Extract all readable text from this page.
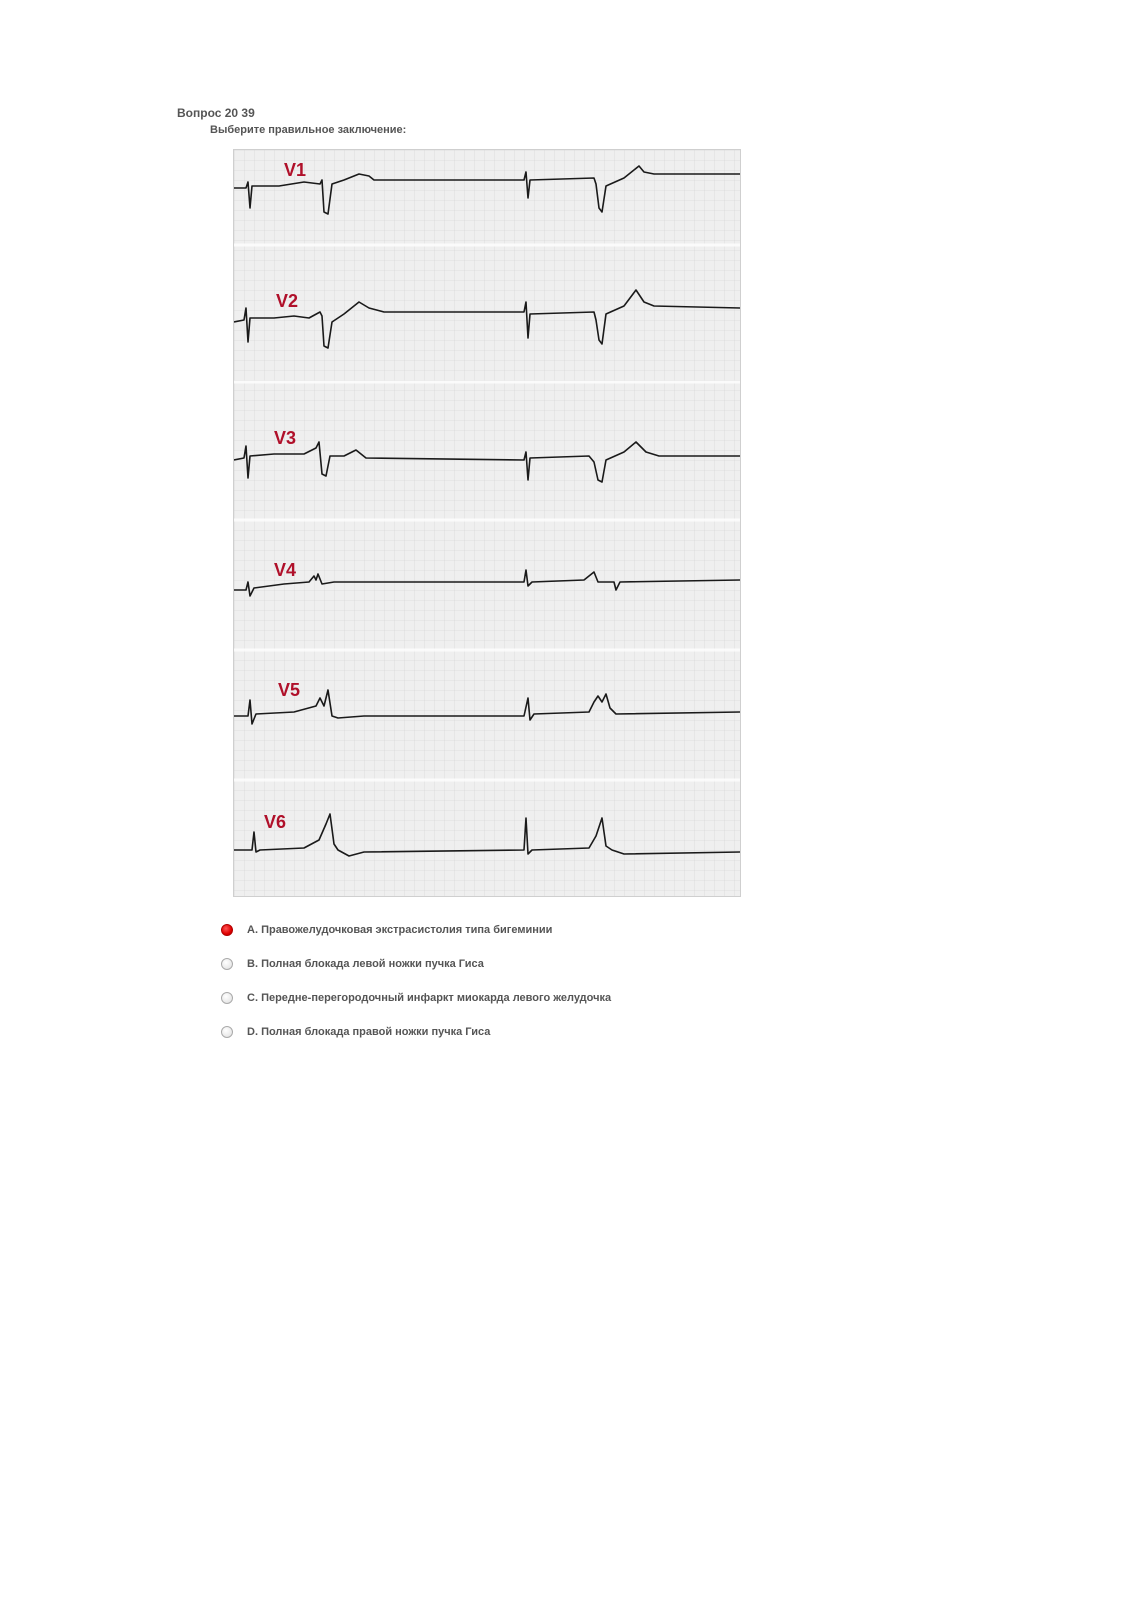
Вопрос 20 39
Выберите правильное заключение:
V1
V2
V3
V4
V5
V6
A. Правожелудочковая экстрасистолия типа бигеминии
B. Полная блокада левой ножки пучка Гиса
C. Передне-перегородочный инфаркт миокарда левого желудочка
D. Полная блокада правой ножки пучка Гиса
